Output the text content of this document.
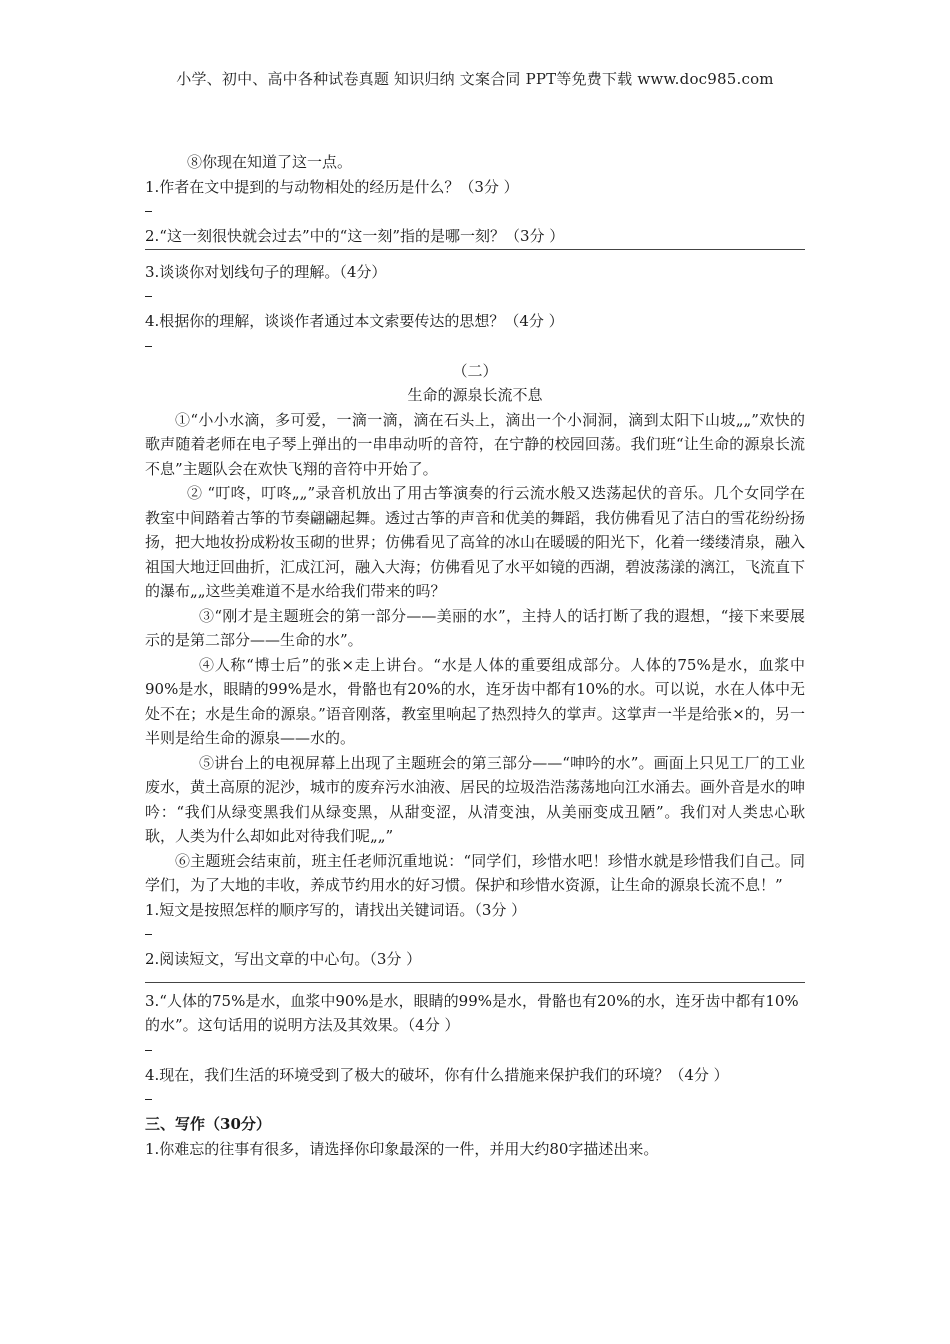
小学、初中、高中各种试卷真题 知识归纳 文案合同 PPT等免费下载 www.doc985.com
⑧你现在知道了这一点。
1.作者在文中提到的与动物相处的经历是什么？（3分 ）
2.“这一刻很快就会过去”中的“这一刻”指的是哪一刻？（3分 ）
3.谈谈你对划线句子的理解。（4分）
4.根据你的理解，谈谈作者通过本文索要传达的思想？（4分 ）
（二）
生命的源泉长流不息
①“小小水滴，多可爱，一滴一滴，滴在石头上，滴出一个小洞洞，滴到太阳下山坡„„”欢快的歌声随着老师在电子琴上弹出的一串串动听的音符，在宁静的校园回荡。我们班“让生命的源泉长流不息”主题队会在欢快飞翔的音符中开始了。
② “叮咚，叮咚„„”录音机放出了用古筝演奏的行云流水般又迭荡起伏的音乐。几个女同学在教室中间踏着古筝的节奏翩翩起舞。透过古筝的声音和优美的舞蹈，我仿佛看见了洁白的雪花纷纷扬扬，把大地妆扮成粉妆玉砌的世界；仿佛看见了高耸的冰山在暖暖的阳光下，化着一缕缕清泉，融入祖国大地迂回曲折，汇成江河，融入大海；仿佛看见了水平如镜的西湖，碧波荡漾的漓江，飞流直下的瀑布„„这些美难道不是水给我们带来的吗？
③“刚才是主题班会的第一部分——美丽的水”，主持人的话打断了我的遐想，“接下来要展示的是第二部分——生命的水”。
④人称“博士后”的张×走上讲台。“水是人体的重要组成部分。人体的75%是水，血浆中90%是水，眼睛的99%是水，骨骼也有20%的水，连牙齿中都有10%的水。可以说，水在人体中无处不在；水是生命的源泉。”语音刚落，教室里响起了热烈持久的掌声。这掌声一半是给张×的，另一半则是给生命的源泉——水的。
⑤讲台上的电视屏幕上出现了主题班会的第三部分——“呻吟的水”。画面上只见工厂的工业废水，黄土高原的泥沙，城市的废弃污水油液、居民的垃圾浩浩荡荡地向江水涌去。画外音是水的呻吟：“我们从绿变黑我们从绿变黑，从甜变涩，从清变浊，从美丽变成丑陋”。我们对人类忠心耿耿，人类为什么却如此对待我们呢„„”
⑥主题班会结束前，班主任老师沉重地说：“同学们，珍惜水吧！珍惜水就是珍惜我们自己。同学们，为了大地的丰收，养成节约用水的好习惯。保护和珍惜水资源，让生命的源泉长流不息！”
1.短文是按照怎样的顺序写的，请找出关键词语。（3分 ）
2.阅读短文，写出文章的中心句。（3分 ）
3.“人体的75%是水，血浆中90%是水，眼睛的99%是水，骨骼也有20%的水，连牙齿中都有10%的水”。这句话用的说明方法及其效果。（4分 ）
4.现在，我们生活的环境受到了极大的破坏，你有什么措施来保护我们的环境？（4分 ）
三、写作（30分）
1.你难忘的往事有很多，请选择你印象最深的一件，并用大约80字描述出来。
